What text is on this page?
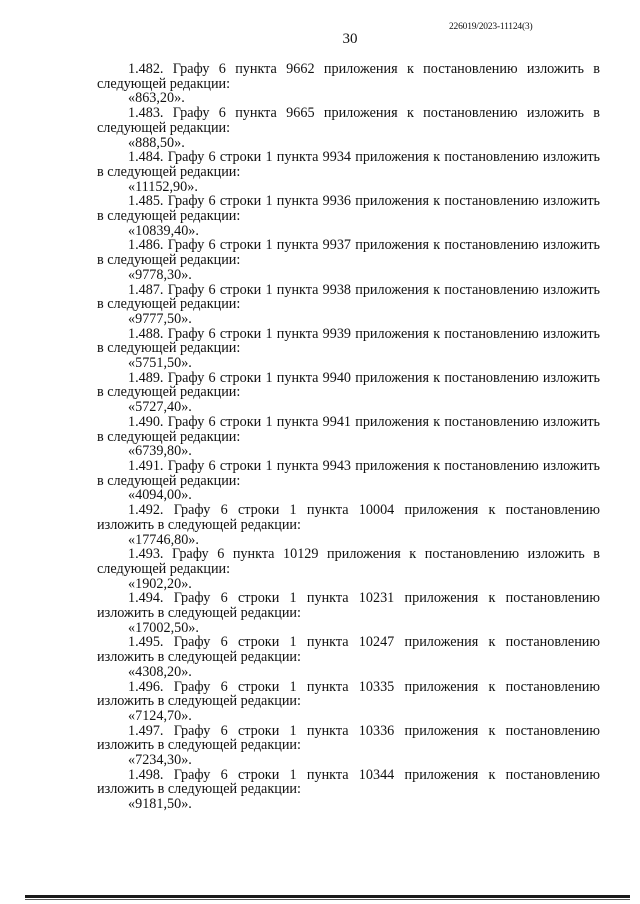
226019/2023-11124(3)
30

1.482. Графу 6 пункта 9662 приложения к постановлению изложить в следующей редакции:

«863,20».

1.483. Графу 6 пункта 9665 приложения к постановлению изложить в следующей редакции:

«888,50».

1.484. Графу 6 строки 1 пункта 9934 приложения к постановлению изложить в следующей редакции:

«11152,90».

1.485. Графу 6 строки 1 пункта 9936 приложения к постановлению изложить в следующей редакции:

«10839,40».

1.486. Графу 6 строки 1 пункта 9937 приложения к постановлению изложить в следующей редакции:

«9778,30».

1.487. Графу 6 строки 1 пункта 9938 приложения к постановлению изложить в следующей редакции:

«9777,50».

1.488. Графу 6 строки 1 пункта 9939 приложения к постановлению изложить в следующей редакции:

«5751,50».

1.489. Графу 6 строки 1 пункта 9940 приложения к постановлению изложить в следующей редакции:

«5727,40».

1.490. Графу 6 строки 1 пункта 9941 приложения к постановлению изложить в следующей редакции:

«6739,80».

1.491. Графу 6 строки 1 пункта 9943 приложения к постановлению изложить в следующей редакции:

«4094,00».

1.492. Графу 6 строки 1 пункта 10004 приложения к постановлению изложить в следующей редакции:

«17746,80».

1.493. Графу 6 пункта 10129 приложения к постановлению изложить в следующей редакции:

«1902,20».

1.494. Графу 6 строки 1 пункта 10231 приложения к постановлению изложить в следующей редакции:

«17002,50».

1.495. Графу 6 строки 1 пункта 10247 приложения к постановлению изложить в следующей редакции:

«4308,20».

1.496. Графу 6 строки 1 пункта 10335 приложения к постановлению изложить в следующей редакции:

«7124,70».

1.497. Графу 6 строки 1 пункта 10336 приложения к постановлению изложить в следующей редакции:

«7234,30».

1.498. Графу 6 строки 1 пункта 10344 приложения к постановлению изложить в следующей редакции:

«9181,50».
